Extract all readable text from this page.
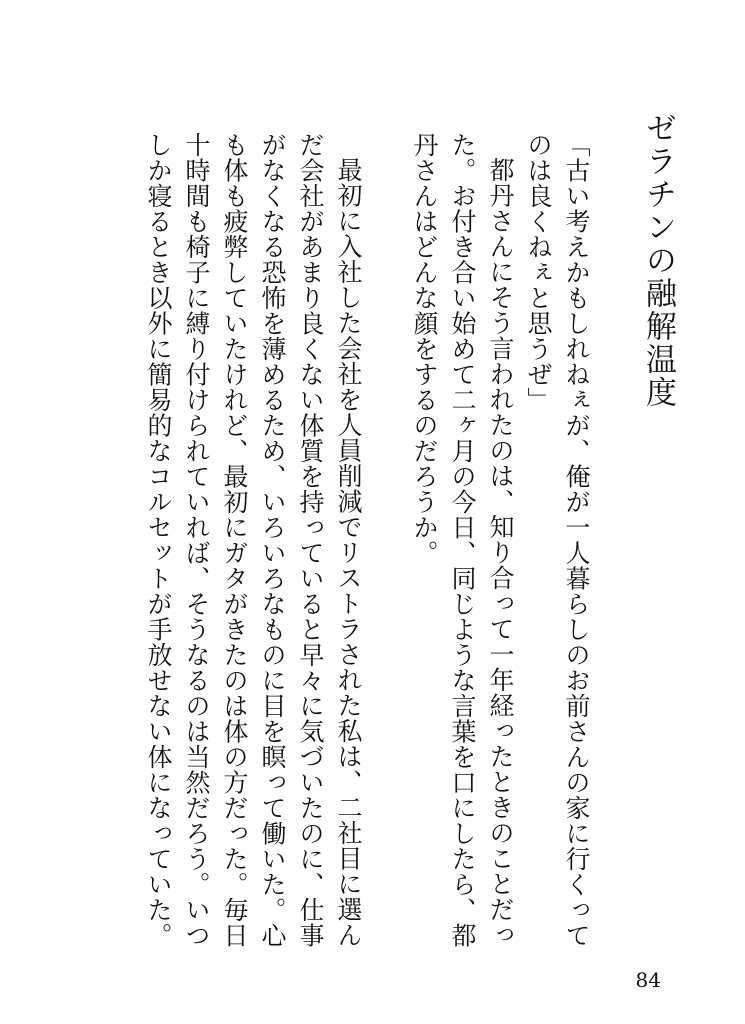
ゼラチンの融解温度

「古い考えかもしれねぇが、俺が一人暮らしのお前さんの家に行くってのは良くねぇと思うぜ」

都丹さんにそう言われたのは、知り合って一年経ったときのことだった。お付き合い始めて二ヶ月の今日、同じような言葉を口にしたら、都丹さんはどんな顔をするのだろうか。

最初に入社した会社を人員削減でリストラされた私は、二社目に選んだ会社があまり良くない体質を持っていると早々に気づいたのに、仕事がなくなる恐怖を薄めるため、いろいろなものに目を瞑って働いた。心も体も疲弊していたけれど、最初にガタがきたのは体の方だった。毎日十時間も椅子に縛り付けられていれば、そうなるのは当然だろう。いつしか寝るとき以外に簡易的なコルセットが手放せない体になっていた。

84
